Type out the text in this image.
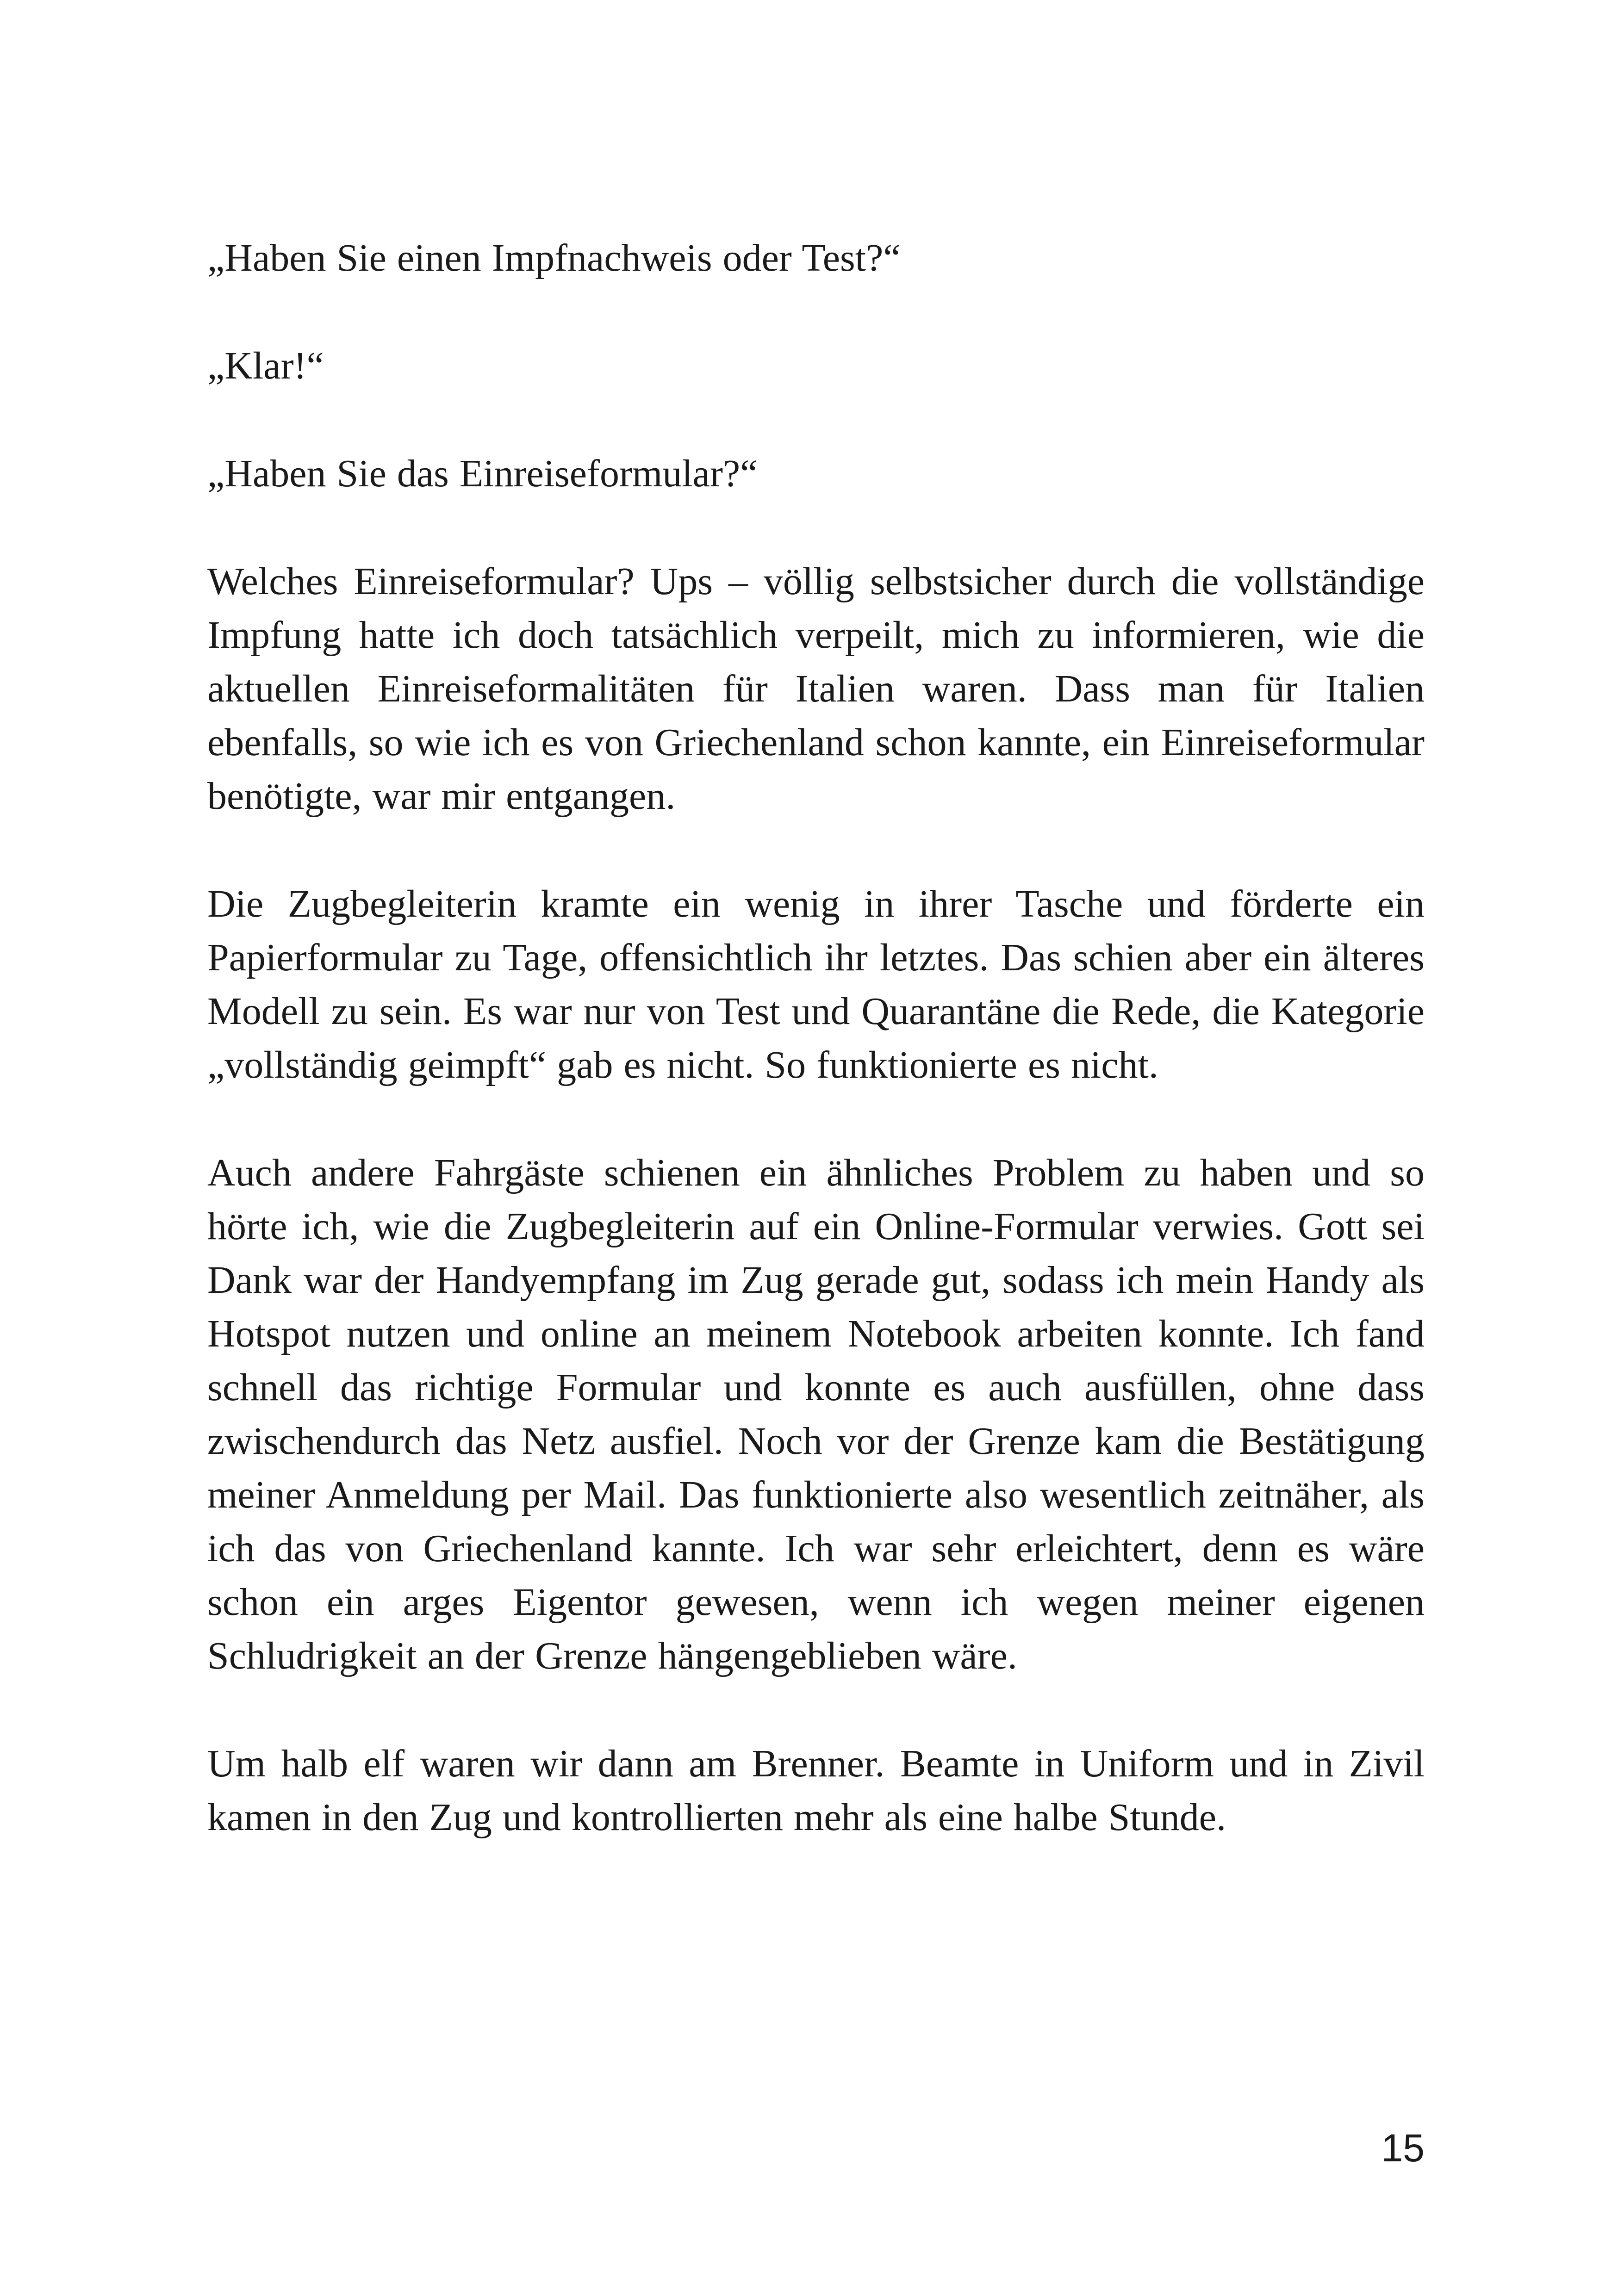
„Haben Sie einen Impfnachweis oder Test?“

„Klar!“

„Haben Sie das Einreiseformular?“

Welches Einreiseformular? Ups – völlig selbstsicher durch die vollständige Impfung hatte ich doch tatsächlich verpeilt, mich zu informieren, wie die aktuellen Einreiseformalitäten für Italien waren. Dass man für Italien ebenfalls, so wie ich es von Griechenland schon kannte, ein Einreiseformular benötigte, war mir entgangen.

Die Zugbegleiterin kramte ein wenig in ihrer Tasche und förderte ein Papierformular zu Tage, offensichtlich ihr letztes. Das schien aber ein älteres Modell zu sein. Es war nur von Test und Quarantäne die Rede, die Kategorie „vollständig geimpft“ gab es nicht. So funktionierte es nicht.

Auch andere Fahrgäste schienen ein ähnliches Problem zu haben und so hörte ich, wie die Zugbegleiterin auf ein Online-Formular verwies. Gott sei Dank war der Handyempfang im Zug gerade gut, sodass ich mein Handy als Hotspot nutzen und online an meinem Notebook arbeiten konnte. Ich fand schnell das richtige Formular und konnte es auch ausfüllen, ohne dass zwischendurch das Netz ausfiel. Noch vor der Grenze kam die Bestätigung meiner Anmeldung per Mail. Das funktionierte also wesentlich zeitnäher, als ich das von Griechenland kannte. Ich war sehr erleichtert, denn es wäre schon ein arges Eigentor gewesen, wenn ich wegen meiner eigenen Schludrigkeit an der Grenze hängengeblieben wäre.

Um halb elf waren wir dann am Brenner. Beamte in Uniform und in Zivil kamen in den Zug und kontrollierten mehr als eine halbe Stunde.

15
